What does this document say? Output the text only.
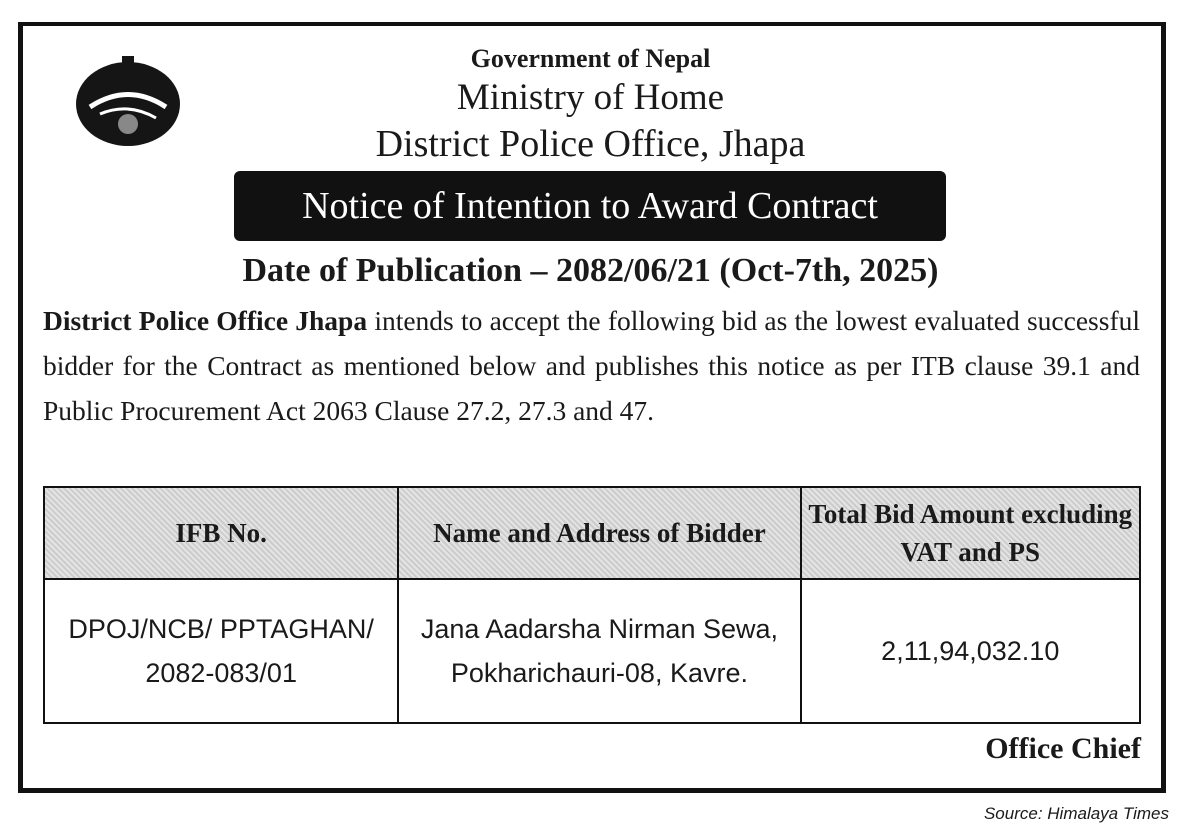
Government of Nepal
Ministry of Home
District Police Office, Jhapa
Notice of Intention to Award Contract
Date of Publication – 2082/06/21 (Oct-7th, 2025)
District Police Office Jhapa intends to accept the following bid as the lowest evaluated successful bidder for the Contract as mentioned below and publishes this notice as per ITB clause 39.1 and Public Procurement Act 2063 Clause 27.2, 27.3 and 47.
IFB No.	Name and Address of Bidder	Total Bid Amount excluding VAT and PS
DPOJ/NCB/ PPTAGHAN/ 2082-083/01	Jana Aadarsha Nirman Sewa, Pokharichauri-08, Kavre.	2,11,94,032.10
Office Chief
Source: Himalaya Times
